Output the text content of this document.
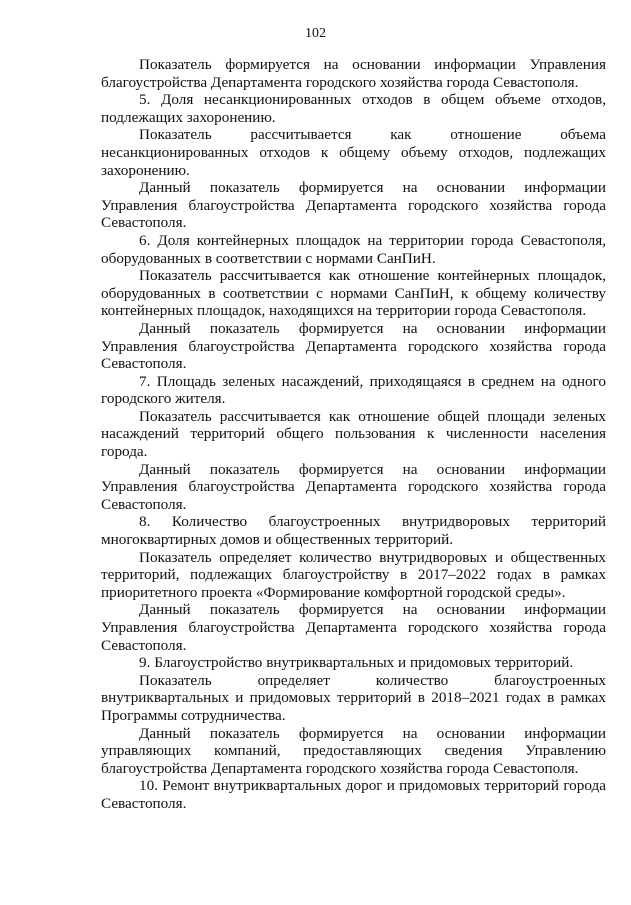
102

Показатель формируется на основании информации Управления благоустройства Департамента городского хозяйства города Севастополя.

5. Доля несанкционированных отходов в общем объеме отходов, подлежащих захоронению.

Показатель рассчитывается как отношение объема несанкционированных отходов к общему объему отходов, подлежащих захоронению.

Данный показатель формируется на основании информации Управления благоустройства Департамента городского хозяйства города Севастополя.

6. Доля контейнерных площадок на территории города Севастополя, оборудованных в соответствии с нормами СанПиН.

Показатель рассчитывается как отношение контейнерных площадок, оборудованных в соответствии с нормами СанПиН, к общему количеству контейнерных площадок, находящихся на территории города Севастополя.

Данный показатель формируется на основании информации Управления благоустройства Департамента городского хозяйства города Севастополя.

7. Площадь зеленых насаждений, приходящаяся в среднем на одного городского жителя.

Показатель рассчитывается как отношение общей площади зеленых насаждений территорий общего пользования к численности населения города.

Данный показатель формируется на основании информации Управления благоустройства Департамента городского хозяйства города Севастополя.

8. Количество благоустроенных внутридворовых территорий многоквартирных домов и общественных территорий.

Показатель определяет количество внутридворовых и общественных территорий, подлежащих благоустройству в 2017–2022 годах в рамках приоритетного проекта «Формирование комфортной городской среды».

Данный показатель формируется на основании информации Управления благоустройства Департамента городского хозяйства города Севастополя.

9. Благоустройство внутриквартальных и придомовых территорий.

Показатель определяет количество благоустроенных внутриквартальных и придомовых территорий в 2018–2021 годах в рамках Программы сотрудничества.

Данный показатель формируется на основании информации управляющих компаний, предоставляющих сведения Управлению благоустройства Департамента городского хозяйства города Севастополя.

10. Ремонт внутриквартальных дорог и придомовых территорий города Севастополя.
